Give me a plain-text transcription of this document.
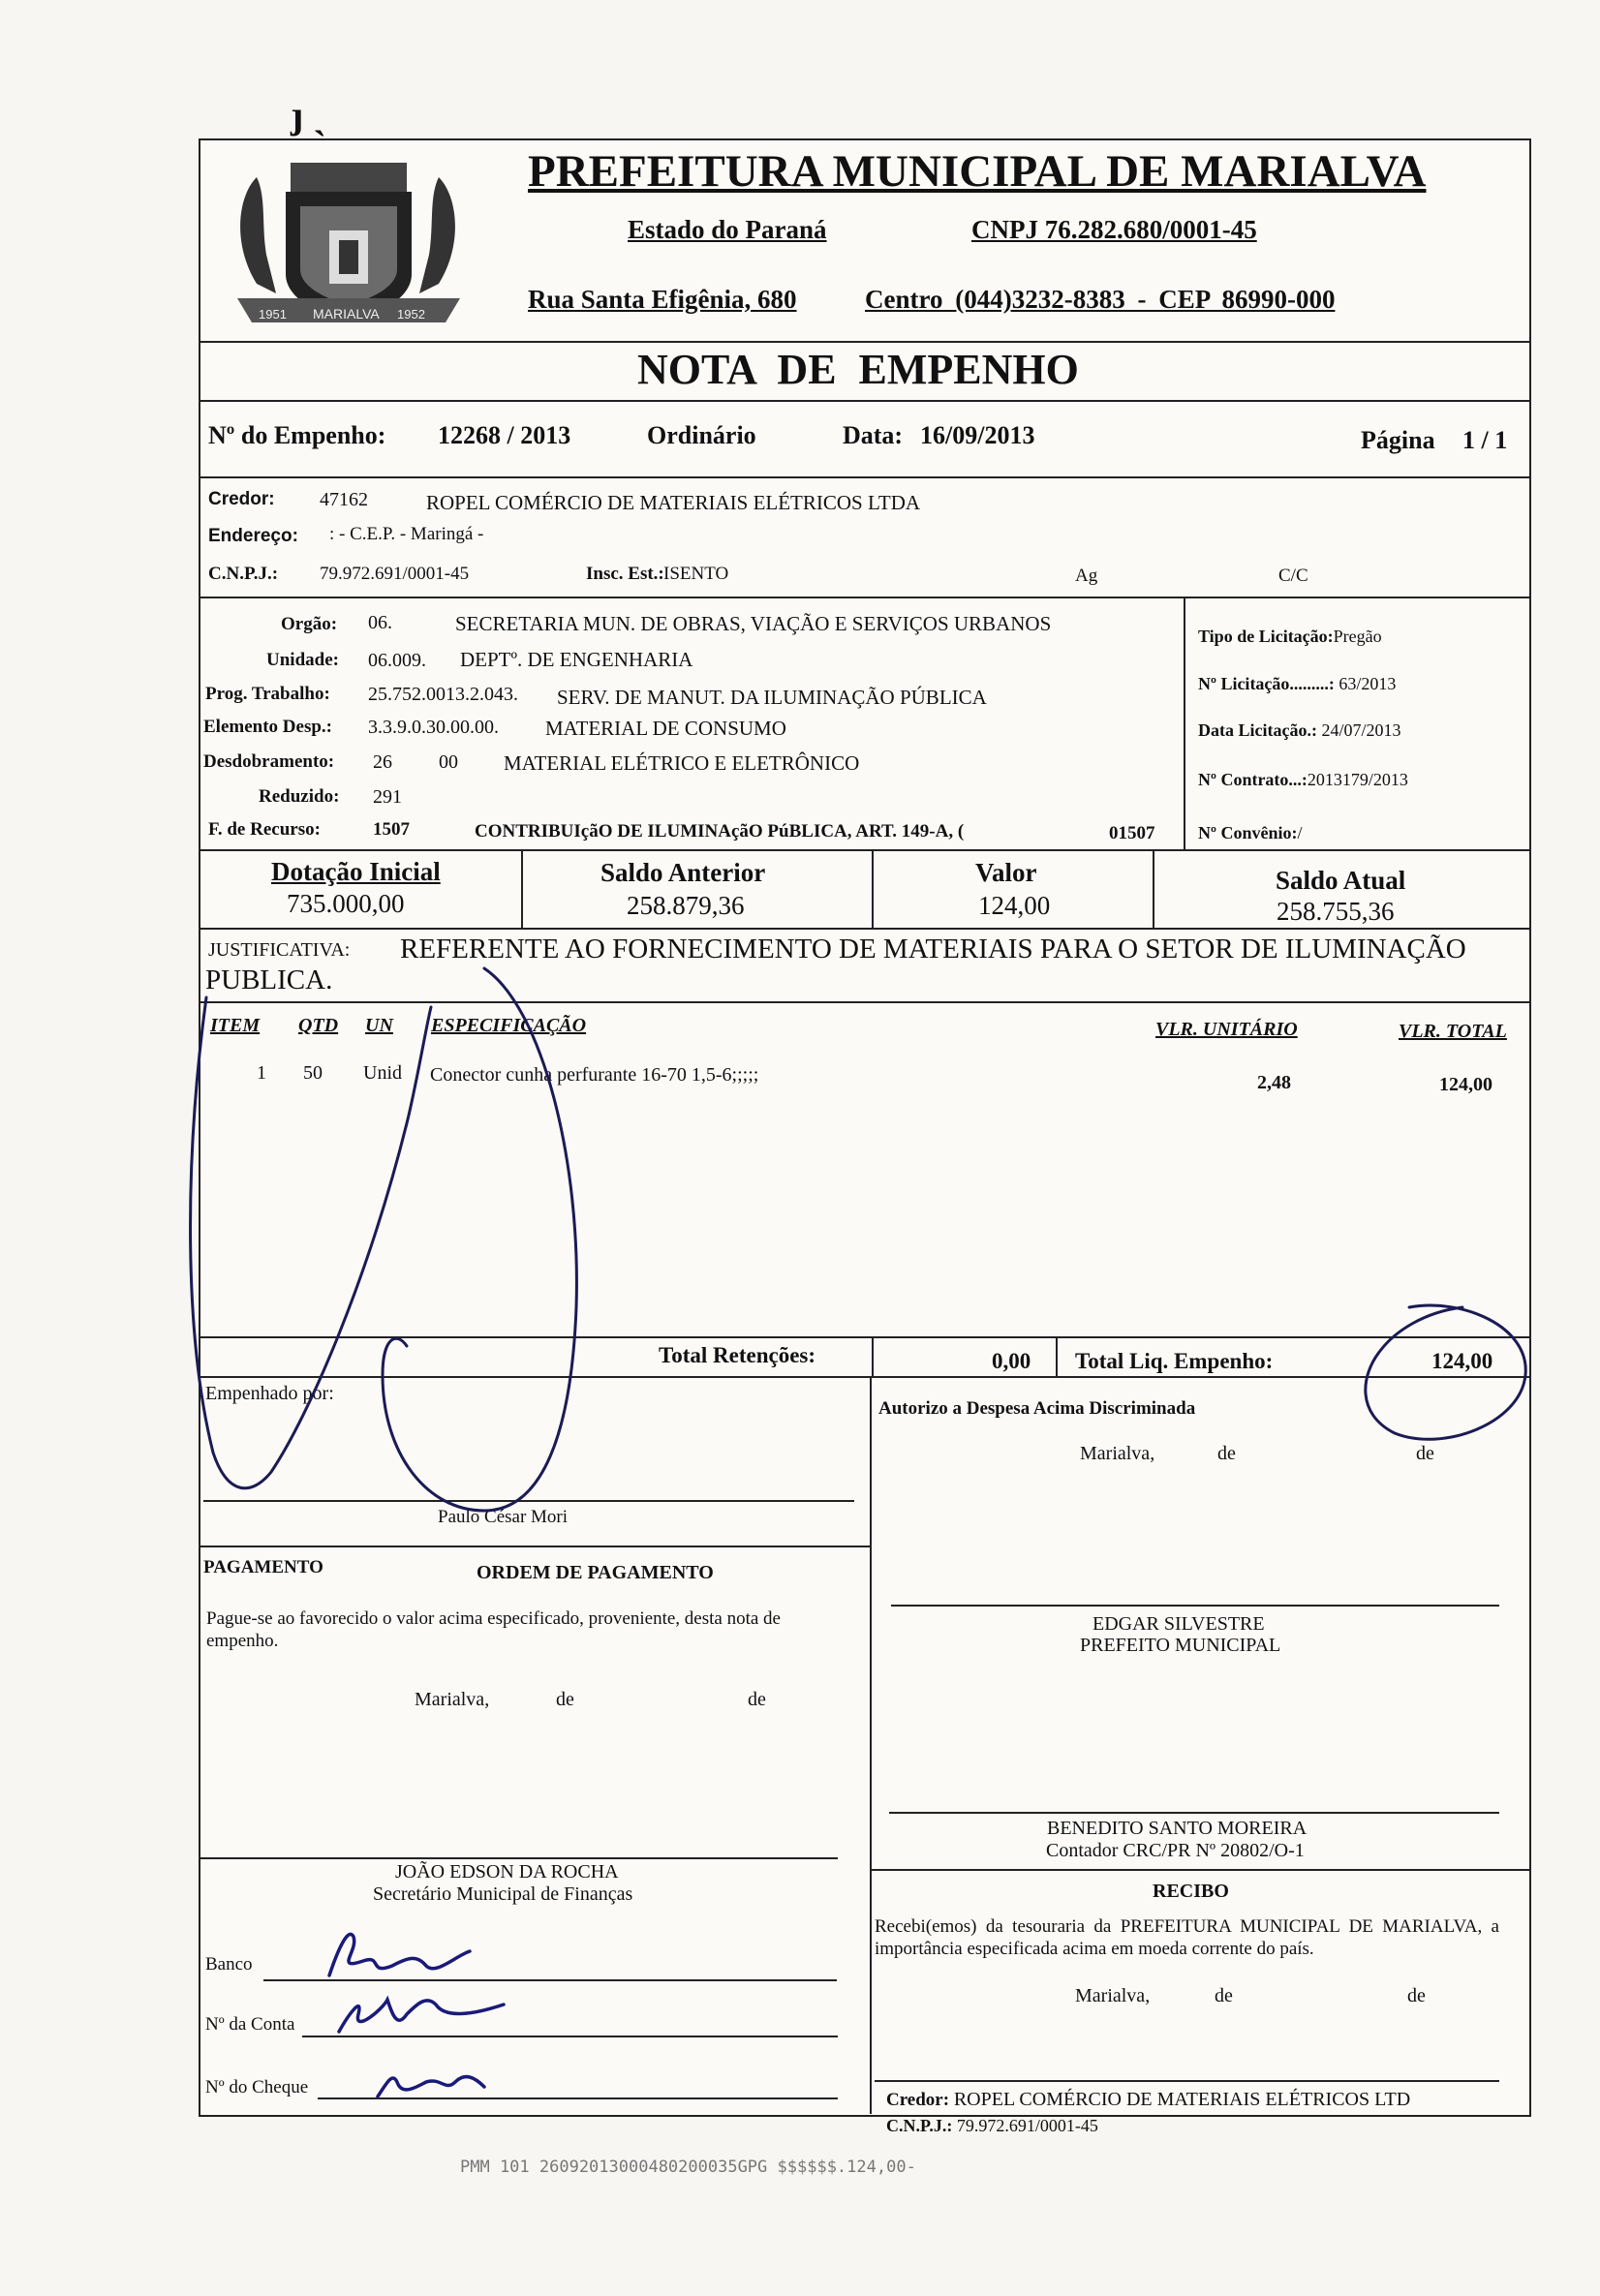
ȷ ˎ
1951 MARIALVA 1952
PREFEITURA MUNICIPAL DE MARIALVA
Estado do Paraná	CNPJ 76.282.680/0001-45
Rua Santa Efigênia, 680	Centro (044)3232-8383 - CEP 86990-000
NOTA DE EMPENHO
Nº do Empenho: 12268 / 2013	Ordinário	Data: 16/09/2013	Página 1 / 1
Credor: 47162	ROPEL COMÉRCIO DE MATERIAIS ELÉTRICOS LTDA
Endereço: : - C.E.P. - Maringá -
C.N.P.J.: 79.972.691/0001-45	Insc. Est.: ISENTO	Ag	C/C
Orgão: 06.	SECRETARIA MUN. DE OBRAS, VIAÇÃO E SERVIÇOS URBANOS
Unidade: 06.009. DEPTº. DE ENGENHARIA
Prog. Trabalho: 25.752.0013.2.043. SERV. DE MANUT. DA ILUMINAÇÃO PÚBLICA
Elemento Desp.: 3.3.9.0.30.00.00. MATERIAL DE CONSUMO
Desdobramento: 26 00 MATERIAL ELÉTRICO E ELETRÔNICO
Reduzido: 291
F. de Recurso:	1507	CONTRIBUIçãO DE ILUMINAçãO PúBLICA, ART. 149-A, (	01507
Tipo de Licitação:Pregão
Nº Licitação.........: 63/2013
Data Licitação.: 24/07/2013
Nº Contrato...:2013179/2013
Nº Convênio:/
Dotação Inicial
735.000,00
Saldo Anterior
258.879,36
Valor
124,00
Saldo Atual
258.755,36
JUSTIFICATIVA: REFERENTE AO FORNECIMENTO DE MATERIAIS PARA O SETOR DE ILUMINAÇÃO
PUBLICA.
ITEM QTD UN ESPECIFICAÇÃO	VLR. UNITÁRIO	VLR. TOTAL
1 50 Unid Conector cunha perfurante 16-70 1,5-6;;;;;	2,48	124,00
Total Retenções:	0,00 Total Liq. Empenho:	124,00
Empenhado por:
Paulo César Mori
Autorizo a Despesa Acima Discriminada
Marialva,	de	de
PAGAMENTO	ORDEM DE PAGAMENTO
Pague-se ao favorecido o valor acima especificado, proveniente, desta nota de empenho.
Marialva,	de	de
JOÃO EDSON DA ROCHA
Secretário Municipal de Finanças
EDGAR SILVESTRE
PREFEITO MUNICIPAL
BENEDITO SANTO MOREIRA
Contador CRC/PR Nº 20802/O-1
RECIBO
Recebi(emos) da tesouraria da PREFEITURA MUNICIPAL DE MARIALVA, a importância especificada acima em moeda corrente do país.
Marialva,	de	de
Credor: ROPEL COMÉRCIO DE MATERIAIS ELÉTRICOS LTD
C.N.P.J.: 79.972.691/0001-45
Banco
Nº da Conta
Nº do Cheque
PMM 101 26092013000480200035GPG $$$$$$.124,00-
